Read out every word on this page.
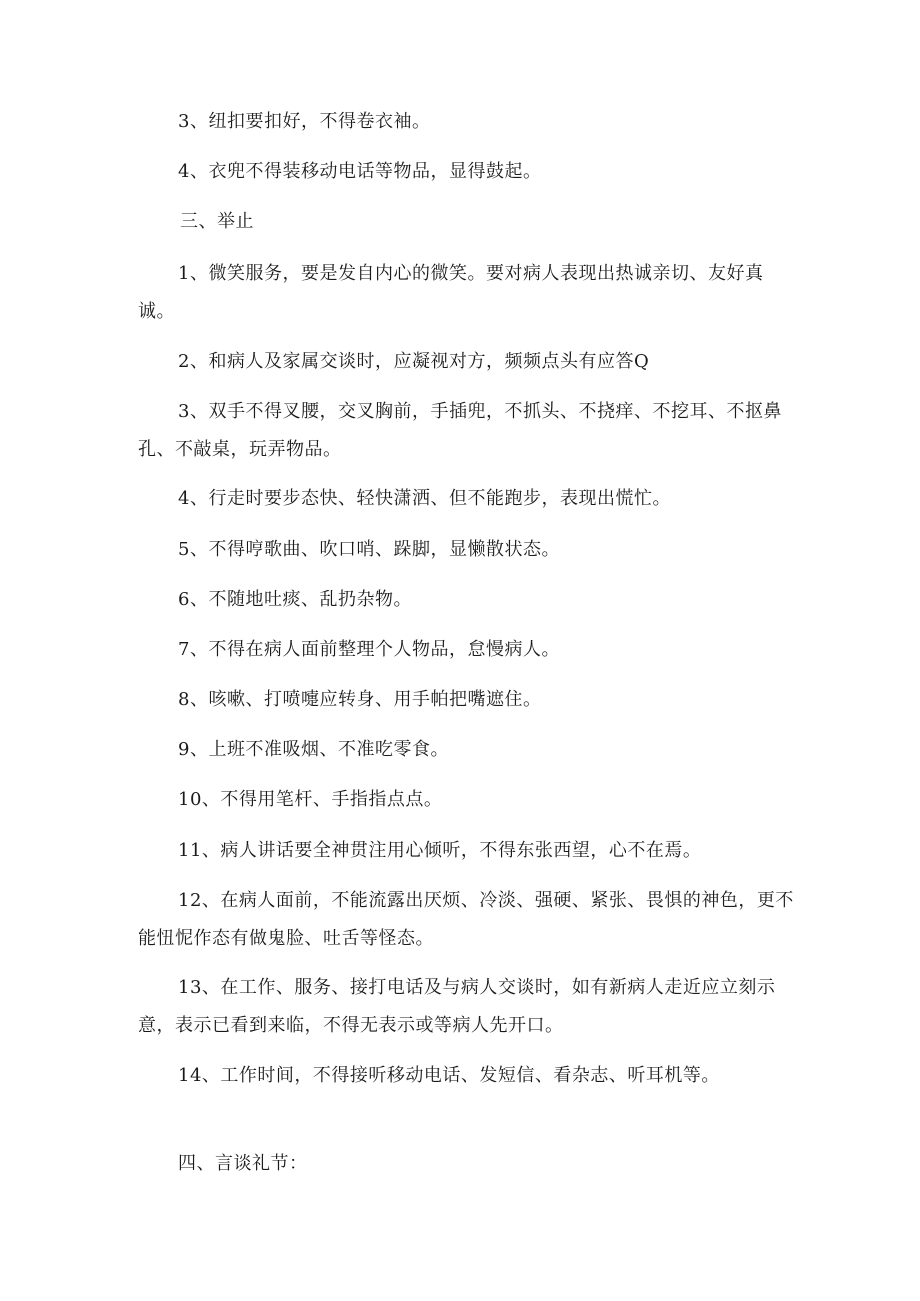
3、纽扣要扣好，不得卷衣袖。

4、衣兜不得装移动电话等物品，显得鼓起。

三、举止

1、微笑服务，要是发自内心的微笑。要对病人表现出热诚亲切、友好真诚。

2、和病人及家属交谈时，应凝视对方，频频点头有应答Q

3、双手不得叉腰，交叉胸前，手插兜，不抓头、不挠痒、不挖耳、不抠鼻孔、不敲桌，玩弄物品。

4、行走时要步态快、轻快潇洒、但不能跑步，表现出慌忙。

5、不得哼歌曲、吹口哨、跺脚，显懒散状态。

6、不随地吐痰、乱扔杂物。

7、不得在病人面前整理个人物品，怠慢病人。

8、咳嗽、打喷嚏应转身、用手帕把嘴遮住。

9、上班不准吸烟、不准吃零食。

10、不得用笔杆、手指指点点。

11、病人讲话要全神贯注用心倾听，不得东张西望，心不在焉。

12、在病人面前，不能流露出厌烦、冷淡、强硬、紧张、畏惧的神色，更不能忸怩作态有做鬼脸、吐舌等怪态。

13、在工作、服务、接打电话及与病人交谈时，如有新病人走近应立刻示意，表示已看到来临，不得无表示或等病人先开口。

14、工作时间，不得接听移动电话、发短信、看杂志、听耳机等。

四、言谈礼节：
